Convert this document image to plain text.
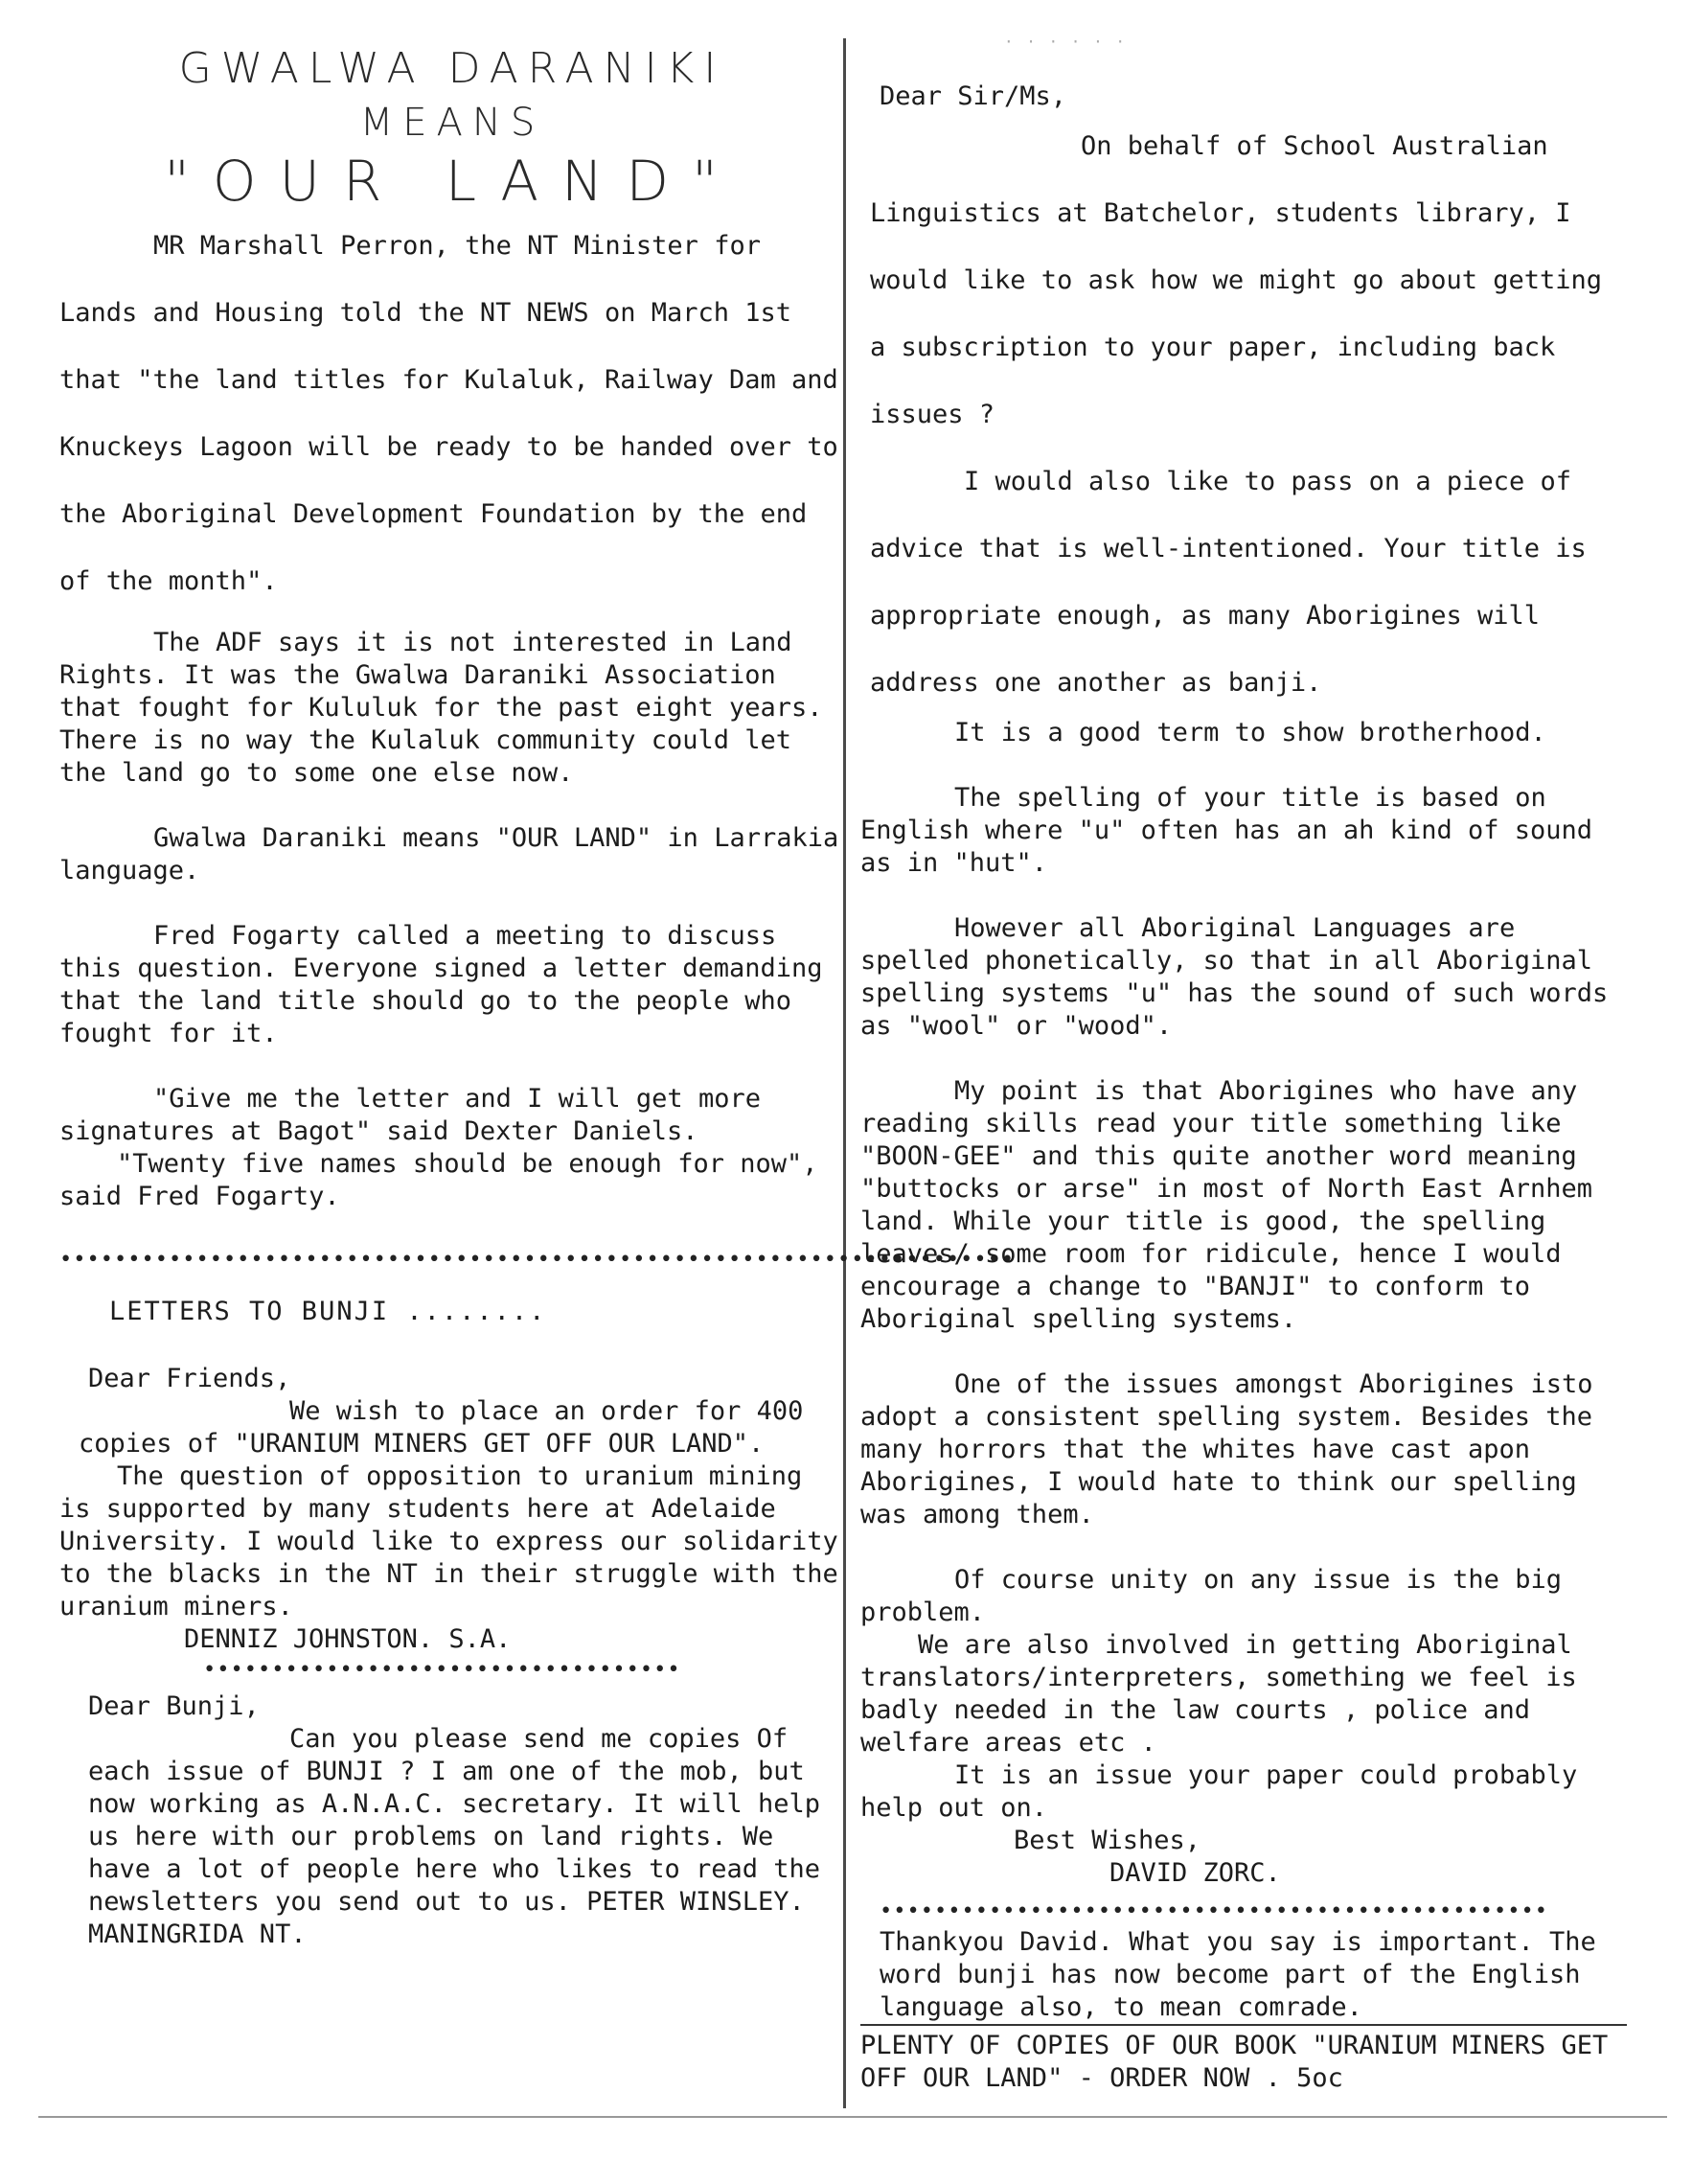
GWALWA DARANIKI
MEANS
"OUR LAND"

MR Marshall Perron, the NT Minister for Lands and Housing told the NT NEWS on March 1st that "the land titles for Kulaluk, Railway Dam and Knuckeys Lagoon will be ready to be handed over to the Aboriginal Development Foundation by the end of the month".

The ADF says it is not interested in Land Rights. It was the Gwalwa Daraniki Association that fought for Kululuk for the past eight years. There is no way the Kulaluk community could let the land go to some one else now.

Gwalwa Daraniki means "OUR LAND" in Larrakia language.

Fred Fogarty called a meeting to discuss this question. Everyone signed a letter demanding that the land title should go to the people who fought for it.

"Give me the letter and I will get more signatures at Bagot" said Dexter Daniels.

"Twenty five names should be enough for now", said Fred Fogarty.

••••••••••••••••••••••••••••••••••••••••••••••••••••••••••••••••••••••

LETTERS TO BUNJI ........

Dear Friends,

We wish to place an order for 400 copies of "URANIUM MINERS GET OFF OUR LAND".

The question of opposition to uranium mining is supported by many students here at Adelaide University. I would like to express our solidarity to the blacks in the NT in their struggle with the uranium miners.

DENNIZ JOHNSTON. S.A.

•••••••••••••••••••••••••••••••••••

Dear Bunji,

Can you please send me copies Of each issue of BUNJI ? I am one of the mob, but now working as A.N.A.C. secretary. It will help us here with our problems on land rights. We have a lot of people here who likes to read the newsletters you send out to us. PETER WINSLEY. MANINGRIDA NT.

· · · · · ·

Dear Sir/Ms,

On behalf of School Australian Linguistics at Batchelor, students library, I would like to ask how we might go about getting a subscription to your paper, including back issues ?

I would also like to pass on a piece of advice that is well-intentioned. Your title is appropriate enough, as many Aborigines will address one another as banji.

It is a good term to show brotherhood.

The spelling of your title is based on English where "u" often has an ah kind of sound as in "hut".

However all Aboriginal Languages are spelled phonetically, so that in all Aboriginal spelling systems "u" has the sound of such words as "wool" or "wood".

My point is that Aborigines who have any reading skills read your title something like "BOON-GEE" and this quite another word meaning "buttocks or arse" in most of North East Arnhem land. While your title is good, the spelling leaves/ some room for ridicule, hence I would encourage a change to "BANJI" to conform to Aboriginal spelling systems.

One of the issues amongst Aborigines isto adopt a consistent spelling system. Besides the many horrors that the whites have cast apon Aborigines, I would hate to think our spelling was among them.

Of course unity on any issue is the big problem.

We are also involved in getting Aboriginal translators/interpreters, something we feel is badly needed in the law courts , police and welfare areas etc .

It is an issue your paper could probably help out on.

Best Wishes,

DAVID ZORC.

•••••••••••••••••••••••••••••••••••••••••••••••••

Thankyou David. What you say is important. The word bunji has now become part of the English language also, to mean comrade.

PLENTY OF COPIES OF OUR BOOK "URANIUM MINERS GET OFF OUR LAND" - ORDER NOW . 5oc
